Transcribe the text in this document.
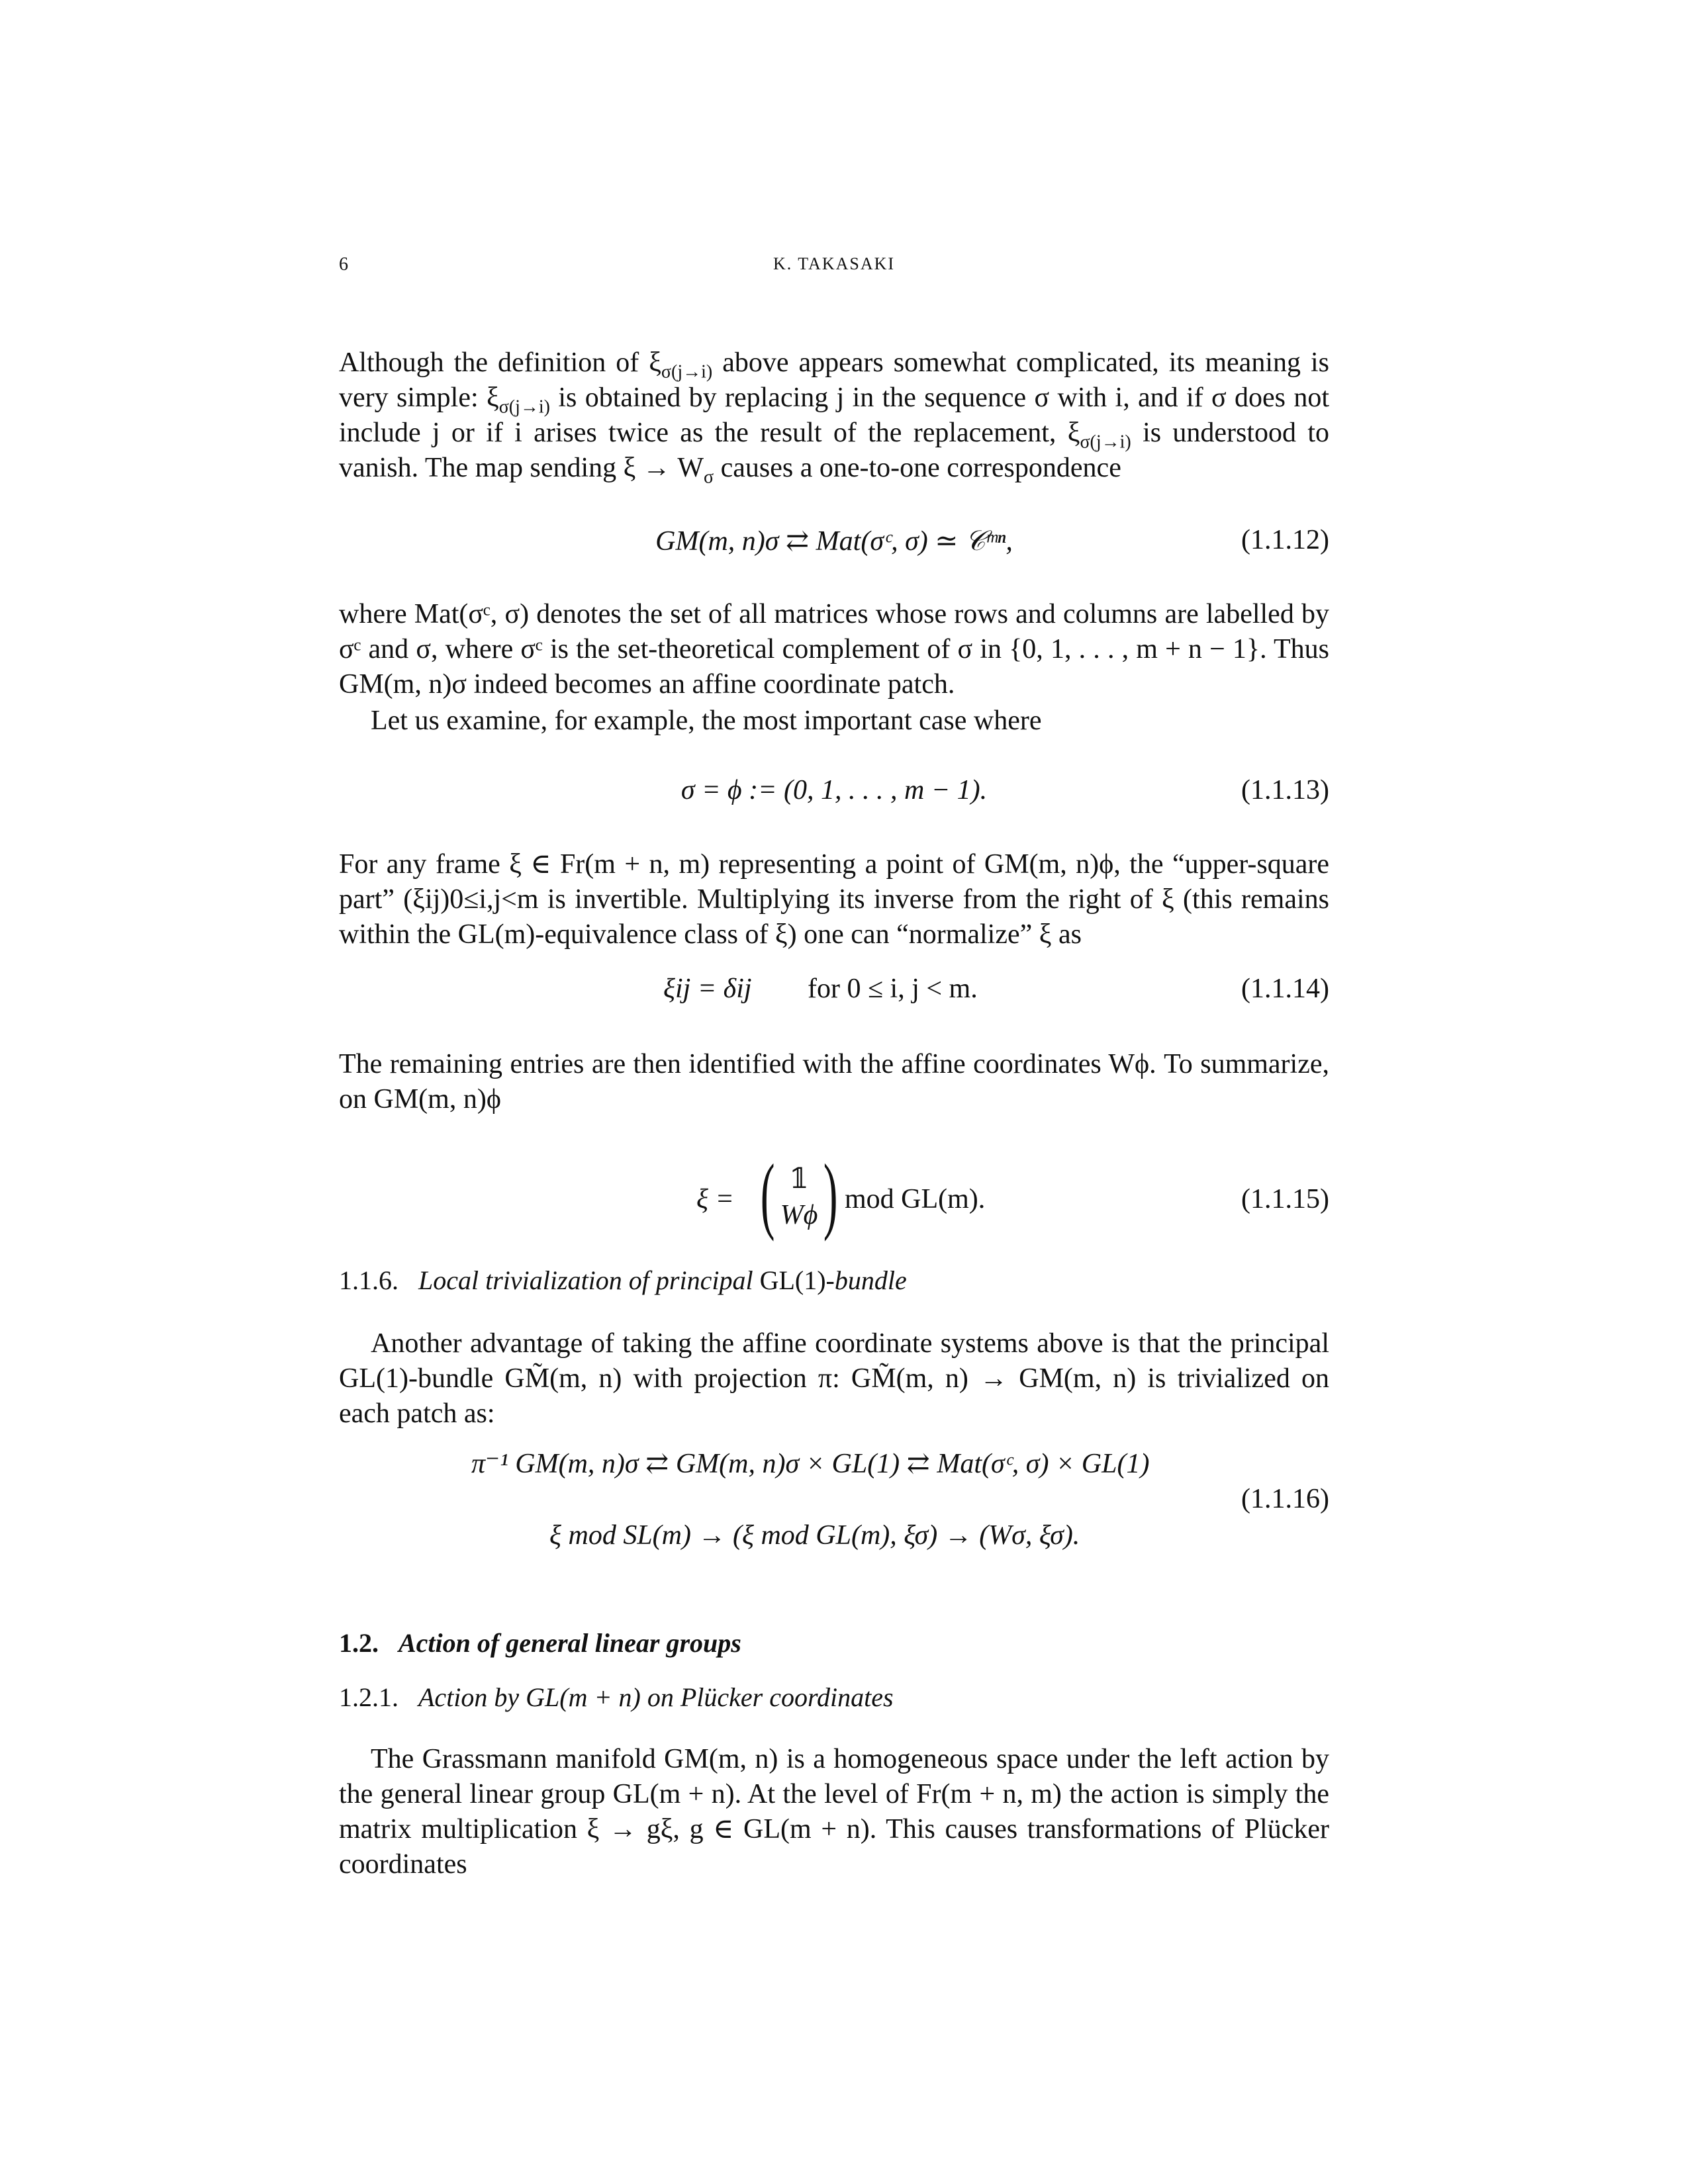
6	K. TAKASAKI
Although the definition of $\xi_{\sigma(j\to i)}$ above appears somewhat complicated, its meaning is very simple: $\xi_{\sigma(j\to i)}$ is obtained by replacing j in the sequence σ with i, and if σ does not include j or if i arises twice as the result of the replacement, $\xi_{\sigma(j\to i)}$ is understood to vanish. The map sending $\xi \to W_\sigma$ causes a one-to-one correspondence
GM(m, n)σ ⇄ Mat(σᶜ, σ) ≃ 𝒞ᵐⁿ,	(1.1.12)
where Mat(σᶜ, σ) denotes the set of all matrices whose rows and columns are labelled by σᶜ and σ, where σᶜ is the set-theoretical complement of σ in {0, 1, . . . , m + n − 1}. Thus GM(m, n)σ indeed becomes an affine coordinate patch.
Let us examine, for example, the most important case where
σ = ϕ := (0, 1, . . . , m − 1).	(1.1.13)
For any frame ξ ∈ Fr(m + n, m) representing a point of GM(m, n)ϕ, the “upper-square part” (ξij)0≤i,j<m is invertible. Multiplying its inverse from the right of ξ (this remains within the GL(m)-equivalence class of ξ) one can “normalize” ξ as
ξij = δij for 0 ≤ i, j < m.	(1.1.14)
The remaining entries are then identified with the affine coordinates Wϕ. To summarize, on GM(m, n)ϕ
ξ = ( 𝟙
Wϕ ) mod GL(m).	(1.1.15)
1.1.6. Local trivialization of principal GL(1)-bundle
Another advantage of taking the affine coordinate systems above is that the principal GL(1)-bundle GM̃(m, n) with projection π: GM̃(m, n) → GM(m, n) is trivialized on each patch as:
π⁻¹ GM(m, n)σ ⇄ GM(m, n)σ × GL(1) ⇄ Mat(σᶜ, σ) × GL(1)
ξ mod SL(m) → (ξ mod GL(m), ξσ) → (Wσ, ξσ).
(1.1.16)
1.2. Action of general linear groups
1.2.1. Action by GL(m + n) on Plücker coordinates
The Grassmann manifold GM(m, n) is a homogeneous space under the left action by the general linear group GL(m + n). At the level of Fr(m + n, m) the action is simply the matrix multiplication ξ → gξ, g ∈ GL(m + n). This causes transformations of Plücker coordinates
